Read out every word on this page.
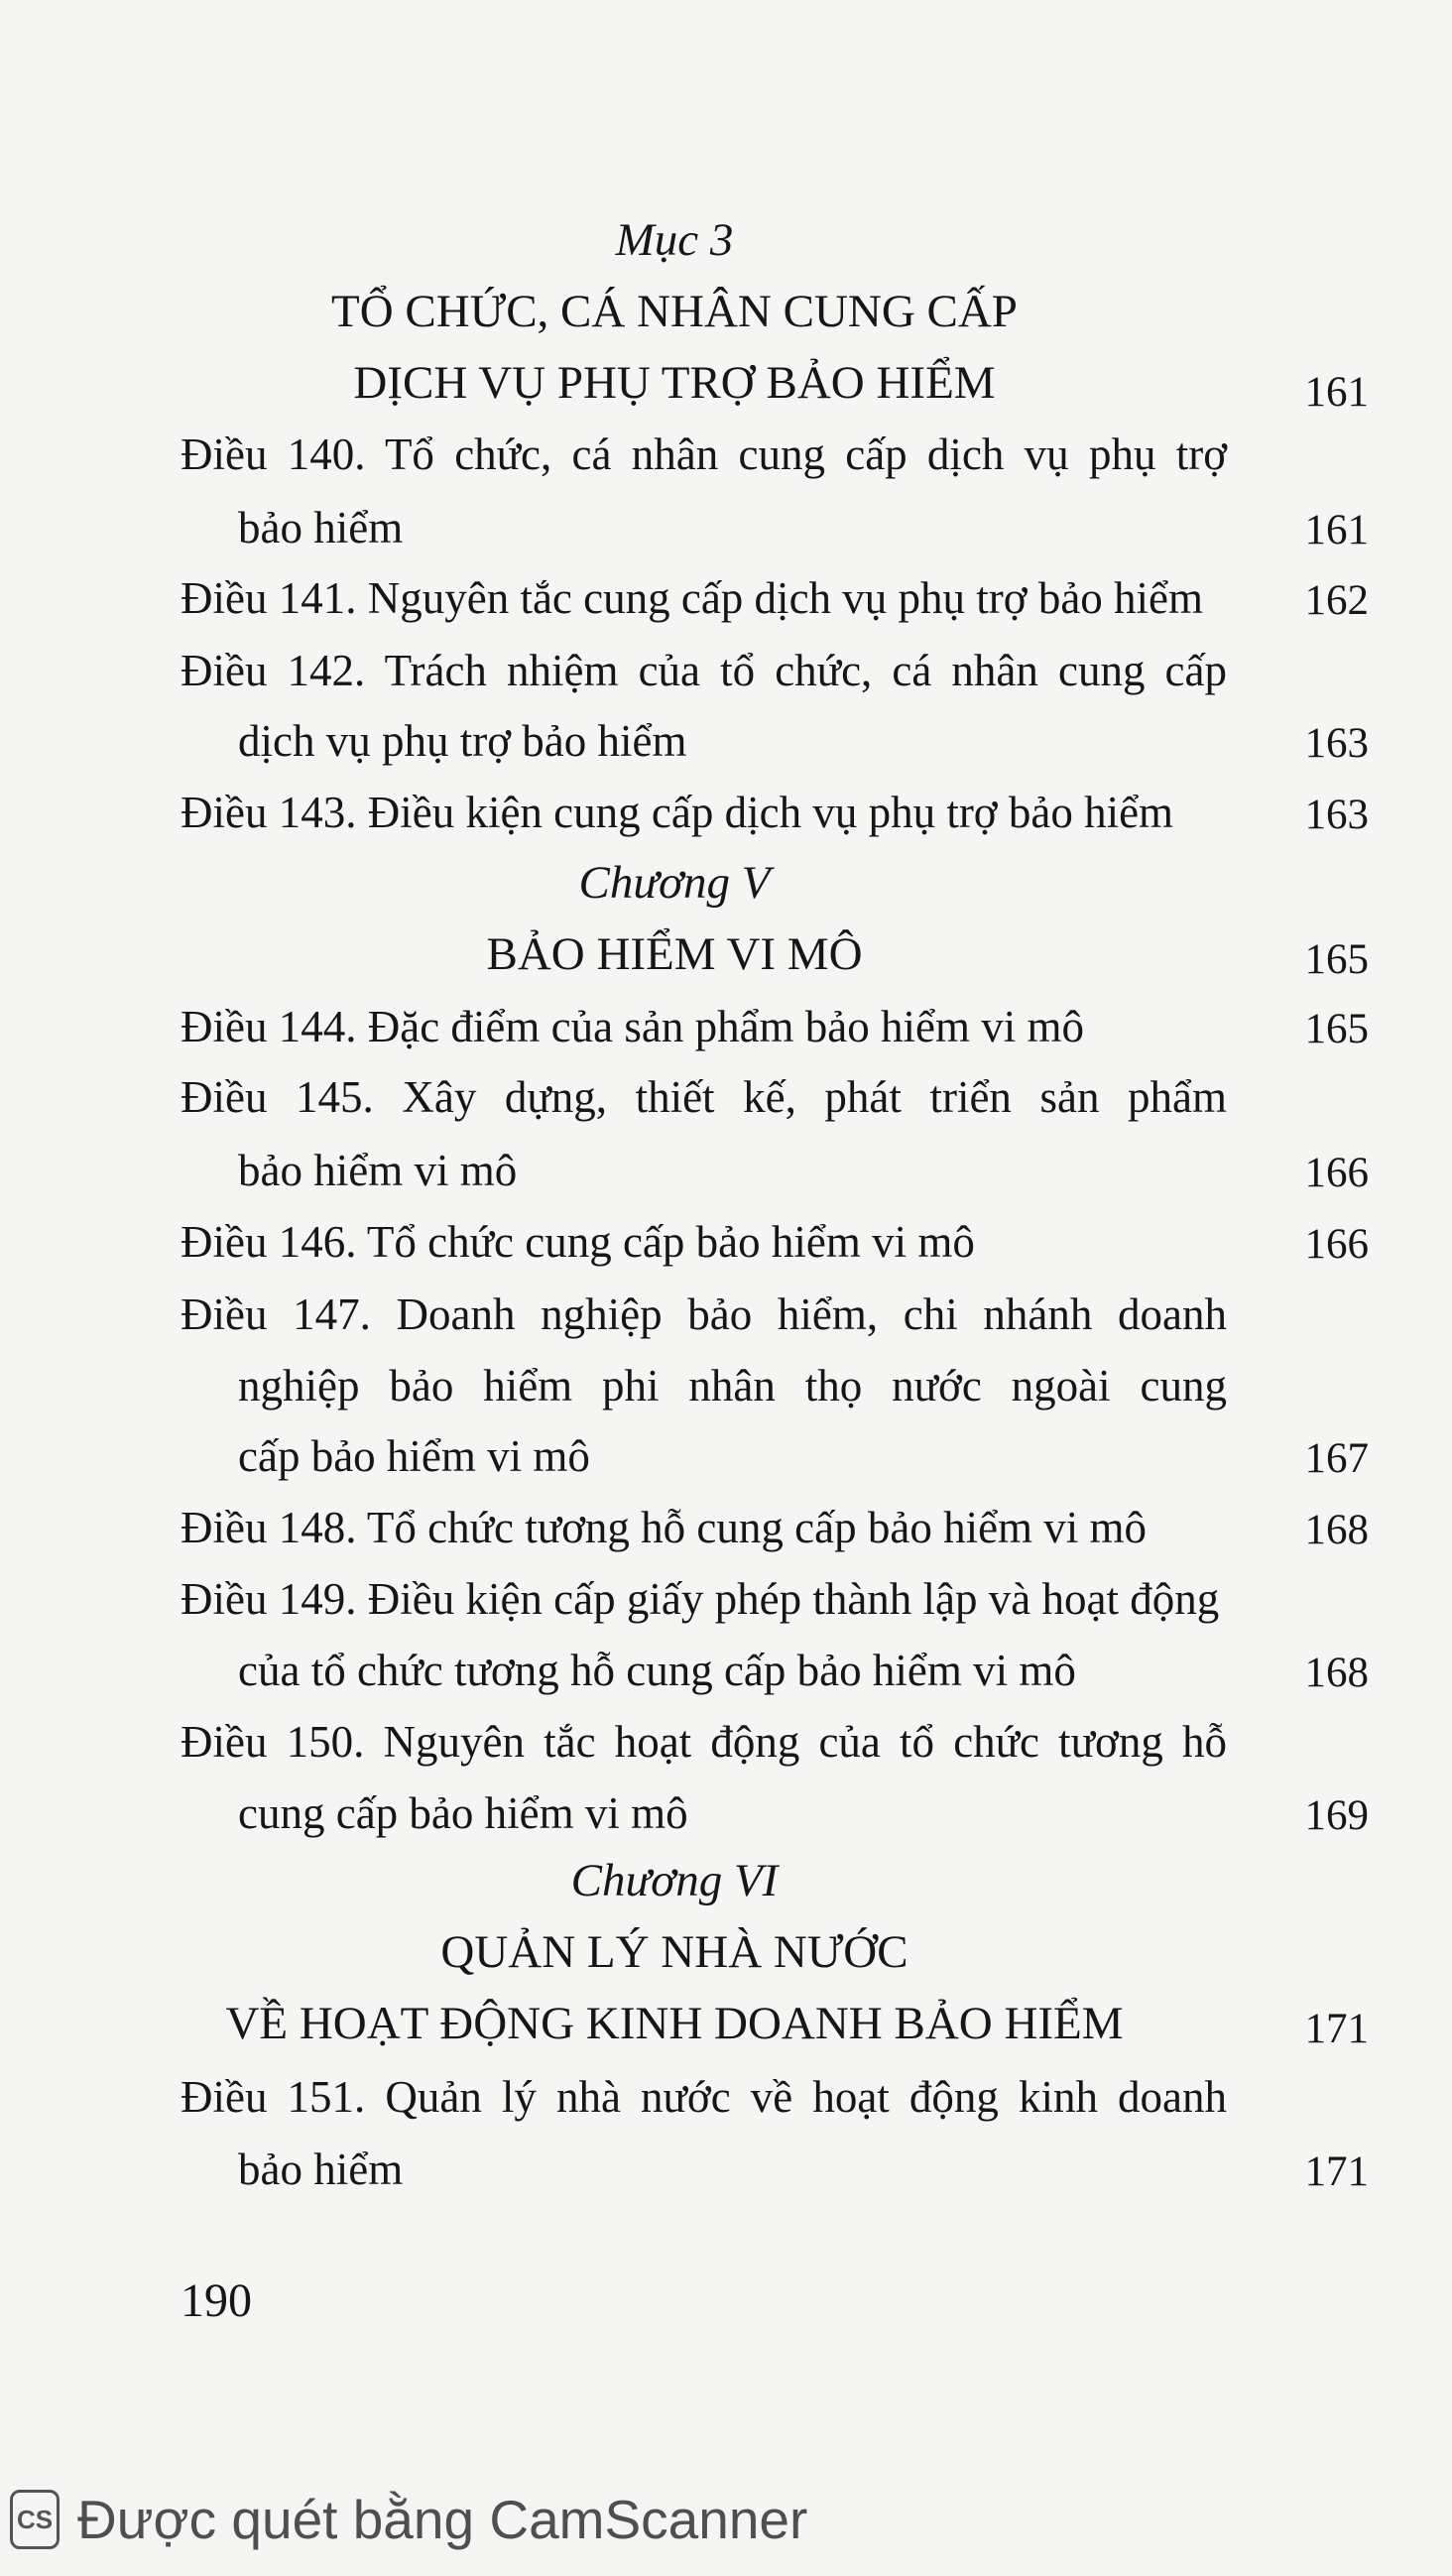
Mục 3
TỔ CHỨC, CÁ NHÂN CUNG CẤP
DỊCH VỤ PHỤ TRỢ BẢO HIỂM	161
Điều 140. Tổ chức, cá nhân cung cấp dịch vụ phụ trợ
bảo hiểm	161
Điều 141. Nguyên tắc cung cấp dịch vụ phụ trợ bảo hiểm 162
Điều 142. Trách nhiệm của tổ chức, cá nhân cung cấp
dịch vụ phụ trợ bảo hiểm	163
Điều 143. Điều kiện cung cấp dịch vụ phụ trợ bảo hiểm	163
Chương V
BẢO HIỂM VI MÔ	165
Điều 144. Đặc điểm của sản phẩm bảo hiểm vi mô	165
Điều 145. Xây dựng, thiết kế, phát triển sản phẩm
bảo hiểm vi mô	166
Điều 146. Tổ chức cung cấp bảo hiểm vi mô	166
Điều 147. Doanh nghiệp bảo hiểm, chi nhánh doanh
nghiệp bảo hiểm phi nhân thọ nước ngoài cung
cấp bảo hiểm vi mô	167
Điều 148. Tổ chức tương hỗ cung cấp bảo hiểm vi mô	168
Điều 149. Điều kiện cấp giấy phép thành lập và hoạt động
của tổ chức tương hỗ cung cấp bảo hiểm vi mô	168
Điều 150. Nguyên tắc hoạt động của tổ chức tương hỗ
cung cấp bảo hiểm vi mô	169
Chương VI
QUẢN LÝ NHÀ NƯỚC
VỀ HOẠT ĐỘNG KINH DOANH BẢO HIỂM	171
Điều 151. Quản lý nhà nước về hoạt động kinh doanh
bảo hiểm	171
190
CS Được quét bằng CamScanner
